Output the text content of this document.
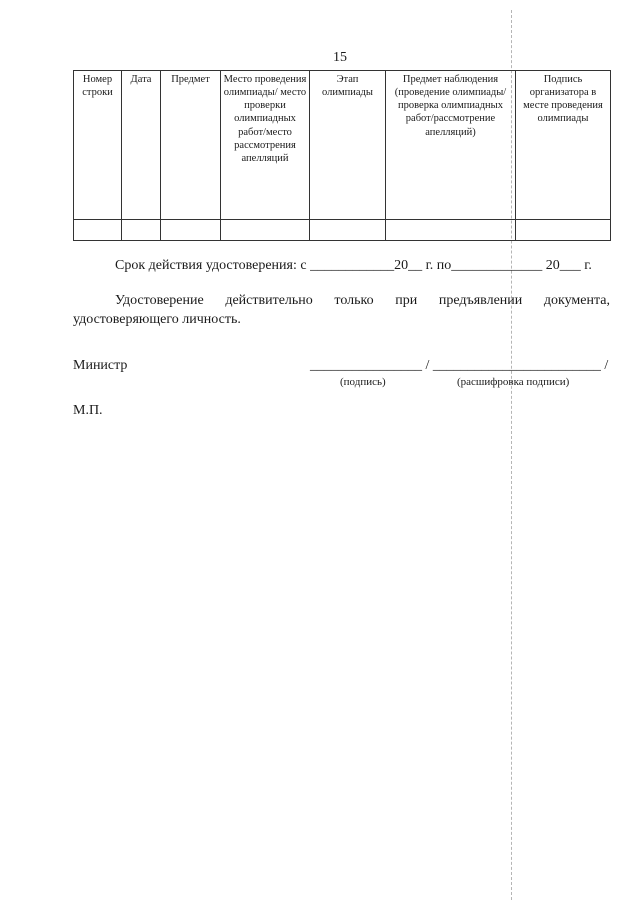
15
Номер строки	Дата	Предмет	Место проведения олимпиады/ место проверки олимпиадных работ/место рассмотрения апелляций	Этап олимпиады	Предмет наблюдения (проведение олимпиады/проверка олимпиадных работ/рассмотрение апелляций)	Подпись организатора в месте проведения олимпиады

Срок действия удостоверения: с ____________20__ г. по_____________ 20___ г.
Удостоверение действительно только при предъявлении документа, удостоверяющего личность.
Министр	________________ / ________________________ /
(подпись)	(расшифровка подписи)
М.П.
